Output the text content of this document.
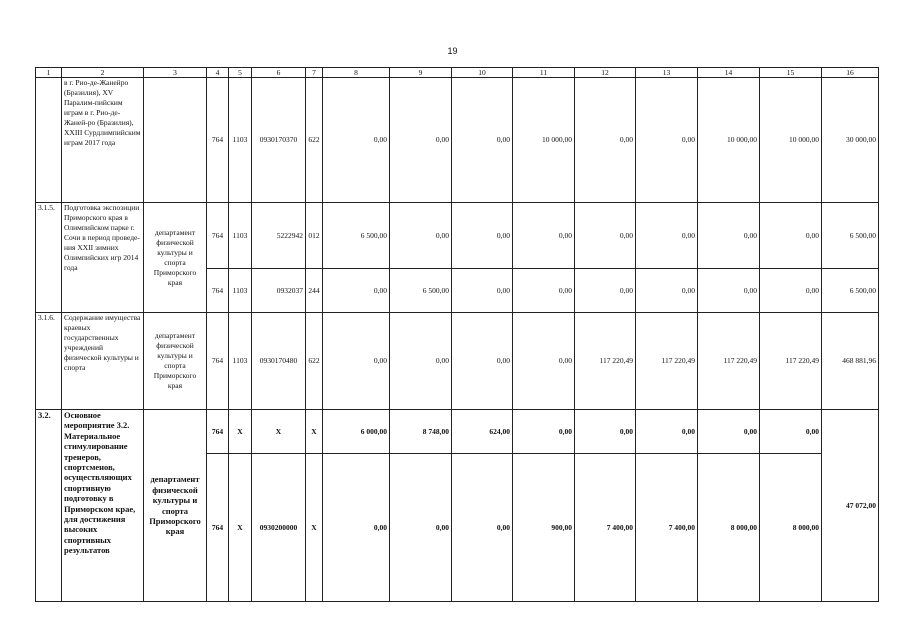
19
1	2	3	4	5	6	7	8	9	10	11	12	13	14	15	16
	в г. Рио-де-Жанейро (Бразилия), XV Паралим-пийским играм в г. Рио-де-Жаней-ро (Бразилия), XXIII Сурдлимпийским играм 2017 года		764	1103	0930170370	622	0,00	0,00	0,00	10 000,00	0,00	0,00	10 000,00	10 000,00	30 000,00
3.1.5.	Подготовка экспозиции Приморского края в Олимпийском парке г. Сочи в период проведе-ния XXII зимних Олимпийских игр 2014 года	департамент физической культуры и спорта Приморского края	764	1103	5222942	012	6 500,00	0,00	0,00	0,00	0,00	0,00	0,00	0,00	6 500,00
			764	1103	0932037	244	0,00	6 500,00	0,00	0,00	0,00	0,00	0,00	0,00	6 500,00
3.1.6.	Содержание имущества краевых государственных учреждений физической культуры и спорта	департамент физической культуры и спорта Приморского края	764	1103	0930170480	622	0,00	0,00	0,00	0,00	117 220,49	117 220,49	117 220,49	117 220,49	468 881,96
3.2.	Основное мероприятие 3.2. Материальное стимулирование тренеров, спортсменов, осуществляющих спортивную подготовку в Приморском крае, для достижения высоких спортивных результатов	департамент физической культуры и спорта Приморского края	764	X	X	X	6 000,00	8 748,00	624,00	0,00	0,00	0,00	0,00	0,00	47 072,00
			764	X	0930200000	X	0,00	0,00	0,00	900,00	7 400,00	7 400,00	8 000,00	8 000,00	
